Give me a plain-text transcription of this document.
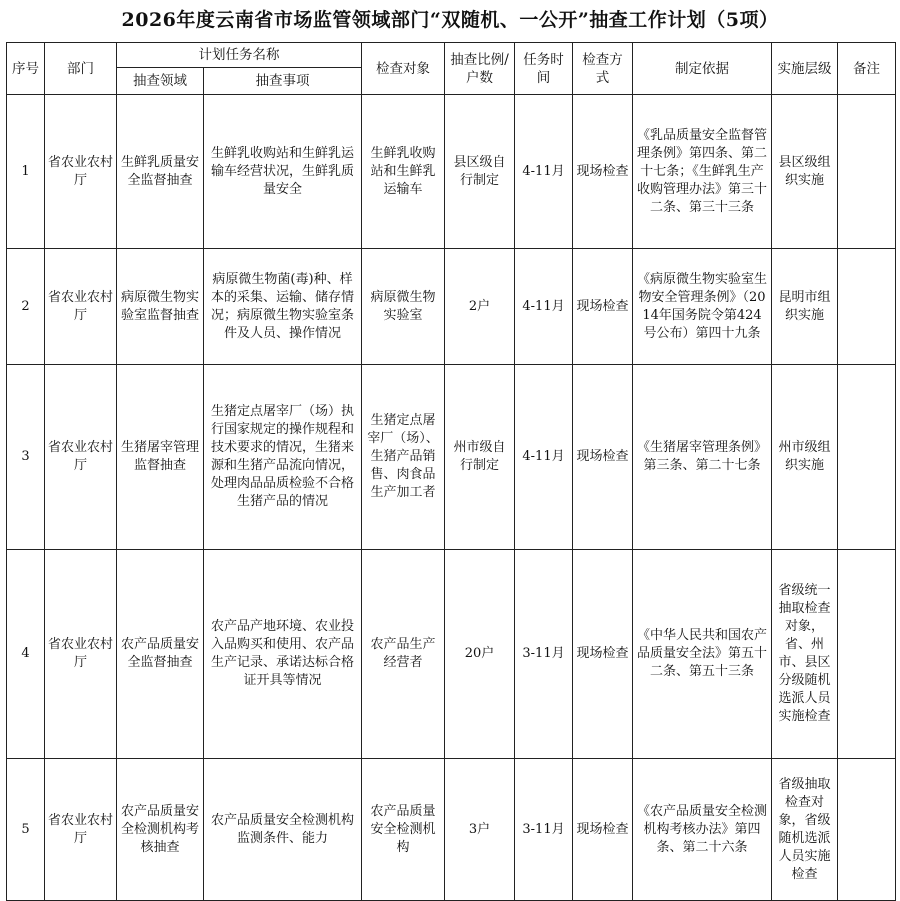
2026年度云南省市场监管领域部门“双随机、一公开”抽查工作计划（5项）
序号	部门	计划任务名称		检查对象	抽查比例/户数	任务时间	检查方式	制定依据	实施层级	备注
		抽查领域	抽查事项							
1	省农业农村厅	生鲜乳质量安全监督抽查	生鲜乳收购站和生鲜乳运输车经营状况，生鲜乳质量安全	生鲜乳收购站和生鲜乳运输车	县区级自行制定	4-11月	现场检查	《乳品质量安全监督管理条例》第四条、第二十七条；《生鲜乳生产收购管理办法》第三十二条、第三十三条	县区级组织实施	
2	省农业农村厅	病原微生物实验室监督抽查	病原微生物菌(毒)种、样本的采集、运输、储存情况；病原微生物实验室条件及人员、操作情况	病原微生物实验室	2户	4-11月	现场检查	《病原微生物实验室生物安全管理条例》（2014年国务院令第424号公布）第四十九条	昆明市组织实施	
3	省农业农村厅	生猪屠宰管理监督抽查	生猪定点屠宰厂（场）执行国家规定的操作规程和技术要求的情况，生猪来源和生猪产品流向情况，处理肉品品质检验不合格生猪产品的情况	生猪定点屠宰厂（场）、生猪产品销售、肉食品生产加工者	州市级自行制定	4-11月	现场检查	《生猪屠宰管理条例》第三条、第二十七条	州市级组织实施	
4	省农业农村厅	农产品质量安全监督抽查	农产品产地环境、农业投入品购买和使用、农产品生产记录、承诺达标合格证开具等情况	农产品生产经营者	20户	3-11月	现场检查	《中华人民共和国农产品质量安全法》第五十二条、第五十三条	省级统一抽取检查对象，省、州市、县区分级随机选派人员实施检查	
5	省农业农村厅	农产品质量安全检测机构考核抽查	农产品质量安全检测机构监测条件、能力	农产品质量安全检测机构	3户	3-11月	现场检查	《农产品质量安全检测机构考核办法》第四条、第二十六条	省级抽取检查对象，省级随机选派人员实施检查	
